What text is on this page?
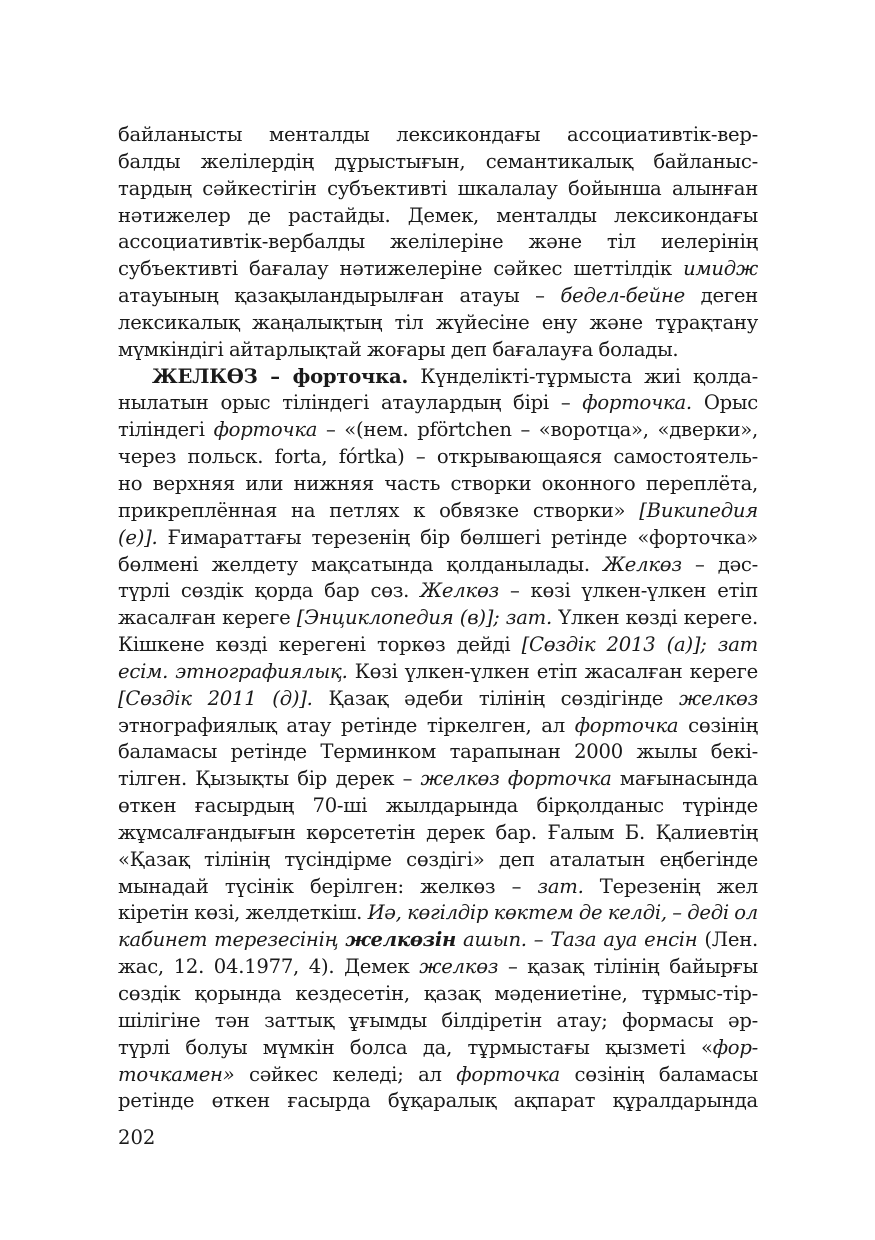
байланысты менталды лексикондағы ассоциативтік-вер-
балды желілердің дұрыстығын, семантикалық байланыс-
тардың сәйкестігін субъективті шкалалау бойынша алынған
нәтижелер де растайды. Демек, менталды лексикондағы
ассоциативтік-вербалды желілеріне және тіл иелерінің
субъективті бағалау нәтижелеріне сәйкес шеттілдік имидж
атауының қазақыландырылған атауы – бедел-бейне деген
лексикалық жаңалықтың тіл жүйесіне ену және тұрақтану
мүмкіндігі айтарлықтай жоғары деп бағалауға болады.
ЖЕЛКӨЗ – форточка. Күнделікті-тұрмыста жиі қолда-
нылатын орыс тіліндегі атаулардың бірі – форточка. Орыс
тіліндегі форточка – «(нем. pförtchen – «воротца», «дверки»,
через польск. forta, fórtka) – открывающаяся самостоятель-
но верхняя или нижняя часть створки оконного переплёта,
прикреплённая на петлях к обвязке створки» [Википедия
(е)]. Ғимараттағы терезенің бір бөлшегі ретінде «форточка»
бөлмені желдету мақсатында қолданылады. Желкөз – дәс-
түрлі сөздік қорда бар сөз. Желкөз – көзі үлкен-үлкен етіп
жасалған кереге [Энциклопедия (в)]; зат. Үлкен көзді кереге.
Кішкене көзді керегені торкөз дейді [Сөздік 2013 (а)]; зат
есім. этнографиялық. Көзі үлкен-үлкен етіп жасалған кереге
[Сөздік 2011 (д)]. Қазақ әдеби тілінің сөздігінде желкөз
этнографиялық атау ретінде тіркелген, ал форточка сөзінің
баламасы ретінде Терминком тарапынан 2000 жылы бекі-
тілген. Қызықты бір дерек – желкөз форточка мағынасында
өткен ғасырдың 70-ші жылдарында бірқолданыс түрінде
жұмсалғандығын көрсететін дерек бар. Ғалым Б. Қалиевтің
«Қазақ тілінің түсіндірме сөздігі» деп аталатын еңбегінде
мынадай түсінік берілген: желкөз – зат. Терезенің жел
кіретін көзі, желдеткіш. Иә, көгілдір көктем де келді, – деді ол
кабинет терезесінің желкөзін ашып. – Таза ауа енсін (Лен.
жас, 12. 04.1977, 4). Демек желкөз – қазақ тілінің байырғы
сөздік қорында кездесетін, қазақ мәдениетіне, тұрмыс-тір-
шілігіне тән заттық ұғымды білдіретін атау; формасы әр-
түрлі болуы мүмкін болса да, тұрмыстағы қызметі «фор-
точкамен» сәйкес келеді; ал форточка сөзінің баламасы
ретінде өткен ғасырда бұқаралық ақпарат құралдарында
202
